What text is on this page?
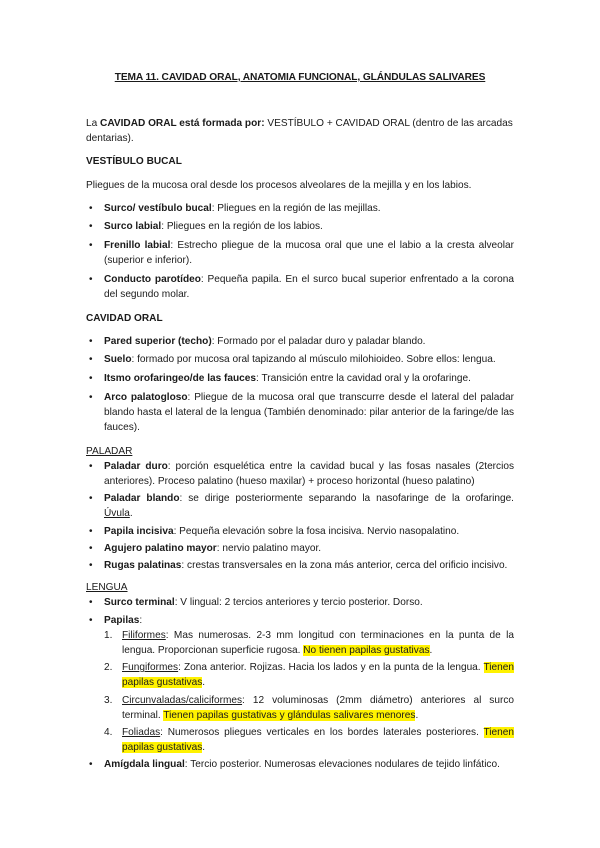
TEMA 11. CAVIDAD ORAL, ANATOMIA FUNCIONAL, GLÁNDULAS SALIVARES

La CAVIDAD ORAL está formada por: VESTÍBULO + CAVIDAD ORAL (dentro de las arcadas dentarias).

VESTÍBULO BUCAL

Pliegues de la mucosa oral desde los procesos alveolares de la mejilla y en los labios.

• Surco/ vestíbulo bucal: Pliegues en la región de las mejillas.
• Surco labial: Pliegues en la región de los labios.
• Frenillo labial: Estrecho pliegue de la mucosa oral que une el labio a la cresta alveolar (superior e inferior).
• Conducto parotídeo: Pequeña papila. En el surco bucal superior enfrentado a la corona del segundo molar.

CAVIDAD ORAL

• Pared superior (techo): Formado por el paladar duro y paladar blando.
• Suelo: formado por mucosa oral tapizando al músculo milohioideo. Sobre ellos: lengua.
• Itsmo orofaringeo/de las fauces: Transición entre la cavidad oral y la orofaringe.
• Arco palatogloso: Pliegue de la mucosa oral que transcurre desde el lateral del paladar blando hasta el lateral de la lengua (También denominado: pilar anterior de la faringe/de las fauces).

PALADAR

• Paladar duro: porción esquelética entre la cavidad bucal y las fosas nasales (2tercios anteriores). Proceso palatino (hueso maxilar) + proceso horizontal (hueso palatino)
• Paladar blando: se dirige posteriormente separando la nasofaringe de la orofaringe. Úvula.
• Papila incisiva: Pequeña elevación sobre la fosa incisiva. Nervio nasopalatino.
• Agujero palatino mayor: nervio palatino mayor.
• Rugas palatinas: crestas transversales en la zona más anterior, cerca del orificio incisivo.

LENGUA

• Surco terminal: V lingual: 2 tercios anteriores y tercio posterior. Dorso.
• Papilas:
1. Filiformes: Mas numerosas. 2-3 mm longitud con terminaciones en la punta de la lengua. Proporcionan superficie rugosa. No tienen papilas gustativas.
2. Fungiformes: Zona anterior. Rojizas. Hacia los lados y en la punta de la lengua. Tienen papilas gustativas.
3. Circunvaladas/caliciformes: 12 voluminosas (2mm diámetro) anteriores al surco terminal. Tienen papilas gustativas y glándulas salivares menores.
4. Foliadas: Numerosos pliegues verticales en los bordes laterales posteriores. Tienen papilas gustativas.
• Amígdala lingual: Tercio posterior. Numerosas elevaciones nodulares de tejido linfático.
